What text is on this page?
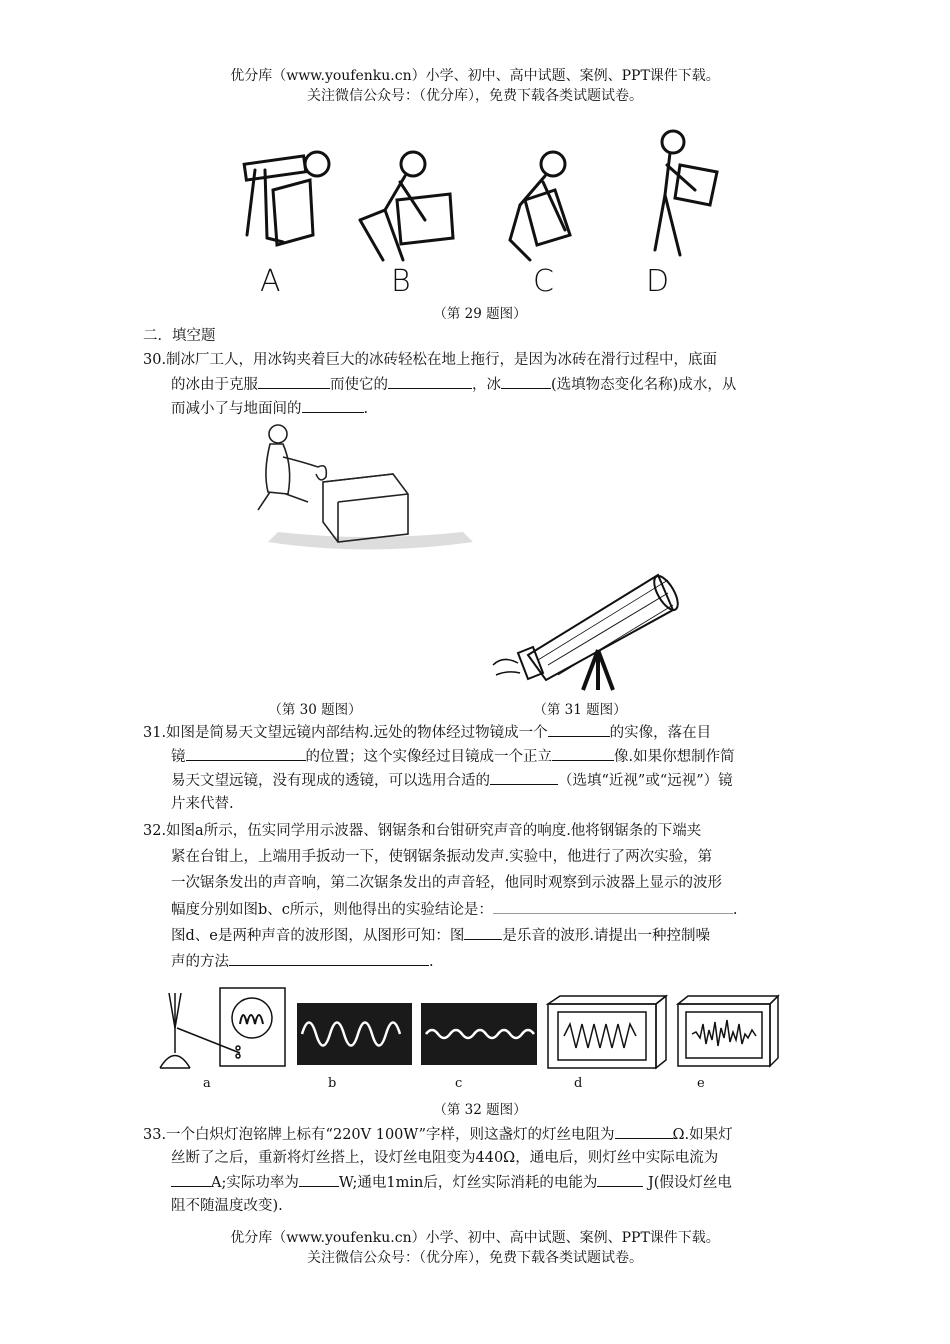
优分库（www.youfenku.cn）小学、初中、高中试题、案例、PPT课件下载。
关注微信公众号：（优分库），免费下载各类试题试卷。
A	B	C	D
（第 29 题图）
二．填空题
30.制冰厂工人，用冰钩夹着巨大的冰砖轻松在地上拖行，是因为冰砖在滑行过程中，底面
的冰由于克服	而使它的	，冰	(选填物态变化名称)成水，从
而减小了与地面间的	.
（第 30 题图）	（第 31 题图）
31.如图是简易天文望远镜内部结构.远处的物体经过物镜成一个	的实像，落在目
镜	的位置；这个实像经过目镜成一个正立	像.如果你想制作简
易天文望远镜，没有现成的透镜，可以选用合适的	（选填“近视”或“远视”）镜
片来代替.
32.如图a所示，伍实同学用示波器、钢锯条和台钳研究声音的响度.他将钢锯条的下端夹
紧在台钳上，上端用手扳动一下，使钢锯条振动发声.实验中，他进行了两次实验，第
一次锯条发出的声音响，第二次锯条发出的声音轻，他同时观察到示波器上显示的波形
幅度分别如图b、c所示，则他得出的实验结论是：	.
图d、e是两种声音的波形图，从图形可知：图	是乐音的波形.请提出一种控制噪
声的方法	.
a	b	c	d	e
（第 32 题图）
33.一个白炽灯泡铭牌上标有“220V 100W”字样，则这盏灯的灯丝电阻为	Ω.如果灯
丝断了之后，重新将灯丝搭上，设灯丝电阻变为440Ω，通电后，则灯丝中实际电流为
A;实际功率为	W;通电1min后，灯丝实际消耗的电能为	J(假设灯丝电
阻不随温度改变).
优分库（www.youfenku.cn）小学、初中、高中试题、案例、PPT课件下载。
关注微信公众号：（优分库），免费下载各类试题试卷。
